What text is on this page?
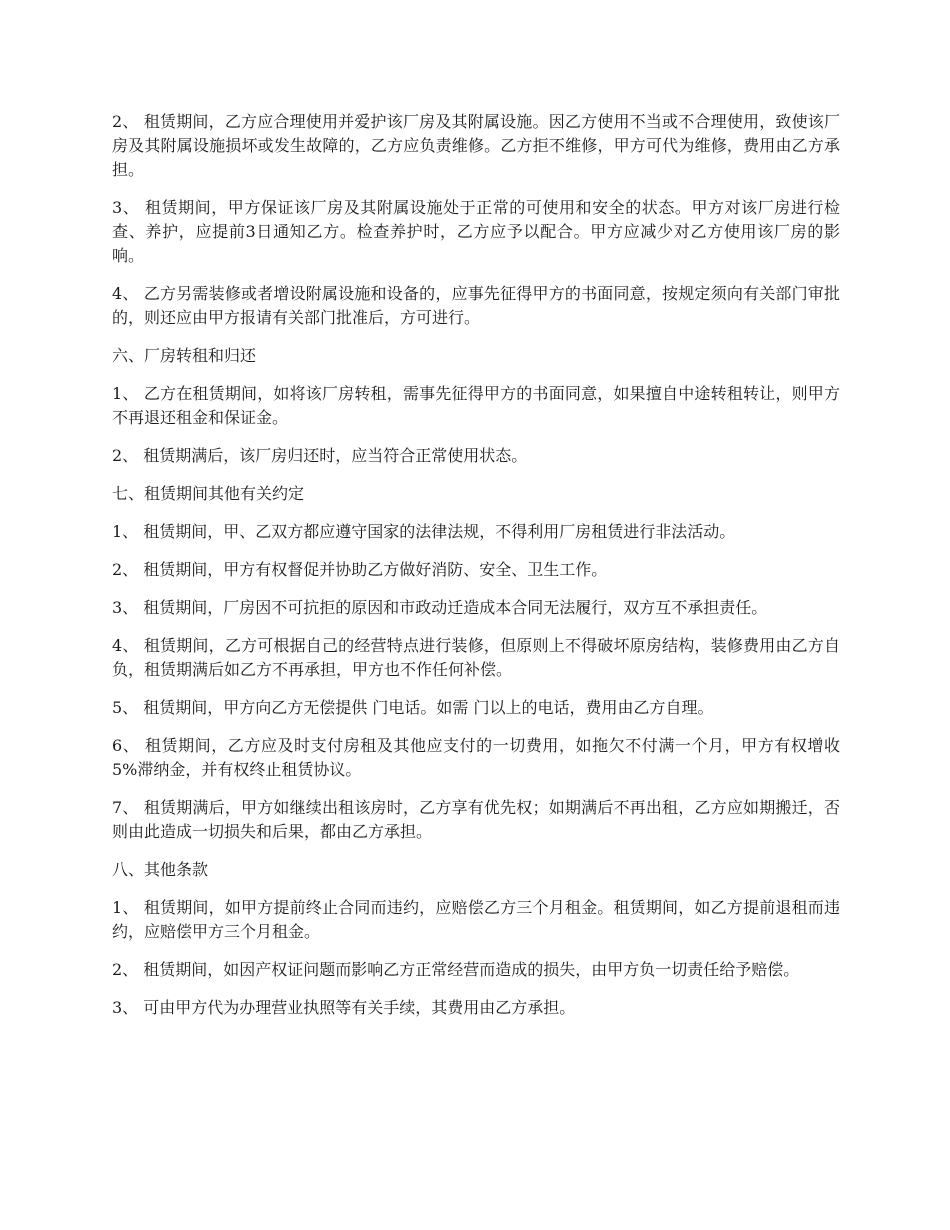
2、 租赁期间，乙方应合理使用并爱护该厂房及其附属设施。因乙方使用不当或不合理使用，致使该厂房及其附属设施损坏或发生故障的，乙方应负责维修。乙方拒不维修，甲方可代为维修，费用由乙方承担。

3、 租赁期间，甲方保证该厂房及其附属设施处于正常的可使用和安全的状态。甲方对该厂房进行检查、养护，应提前3日通知乙方。检查养护时，乙方应予以配合。甲方应减少对乙方使用该厂房的影响。

4、 乙方另需装修或者增设附属设施和设备的，应事先征得甲方的书面同意，按规定须向有关部门审批的，则还应由甲方报请有关部门批准后，方可进行。

六、厂房转租和归还

1、 乙方在租赁期间，如将该厂房转租，需事先征得甲方的书面同意，如果擅自中途转租转让，则甲方不再退还租金和保证金。

2、 租赁期满后，该厂房归还时，应当符合正常使用状态。

七、租赁期间其他有关约定

1、 租赁期间，甲、乙双方都应遵守国家的法律法规，不得利用厂房租赁进行非法活动。

2、 租赁期间，甲方有权督促并协助乙方做好消防、安全、卫生工作。

3、 租赁期间，厂房因不可抗拒的原因和市政动迁造成本合同无法履行，双方互不承担责任。

4、 租赁期间，乙方可根据自己的经营特点进行装修，但原则上不得破坏原房结构，装修费用由乙方自负，租赁期满后如乙方不再承担，甲方也不作任何补偿。

5、 租赁期间，甲方向乙方无偿提供 门电话。如需 门以上的电话，费用由乙方自理。

6、 租赁期间，乙方应及时支付房租及其他应支付的一切费用，如拖欠不付满一个月，甲方有权增收5%滞纳金，并有权终止租赁协议。

7、 租赁期满后，甲方如继续出租该房时，乙方享有优先权；如期满后不再出租，乙方应如期搬迁，否则由此造成一切损失和后果，都由乙方承担。

八、其他条款

1、 租赁期间，如甲方提前终止合同而违约，应赔偿乙方三个月租金。租赁期间，如乙方提前退租而违约，应赔偿甲方三个月租金。

2、 租赁期间，如因产权证问题而影响乙方正常经营而造成的损失，由甲方负一切责任给予赔偿。

3、 可由甲方代为办理营业执照等有关手续，其费用由乙方承担。
